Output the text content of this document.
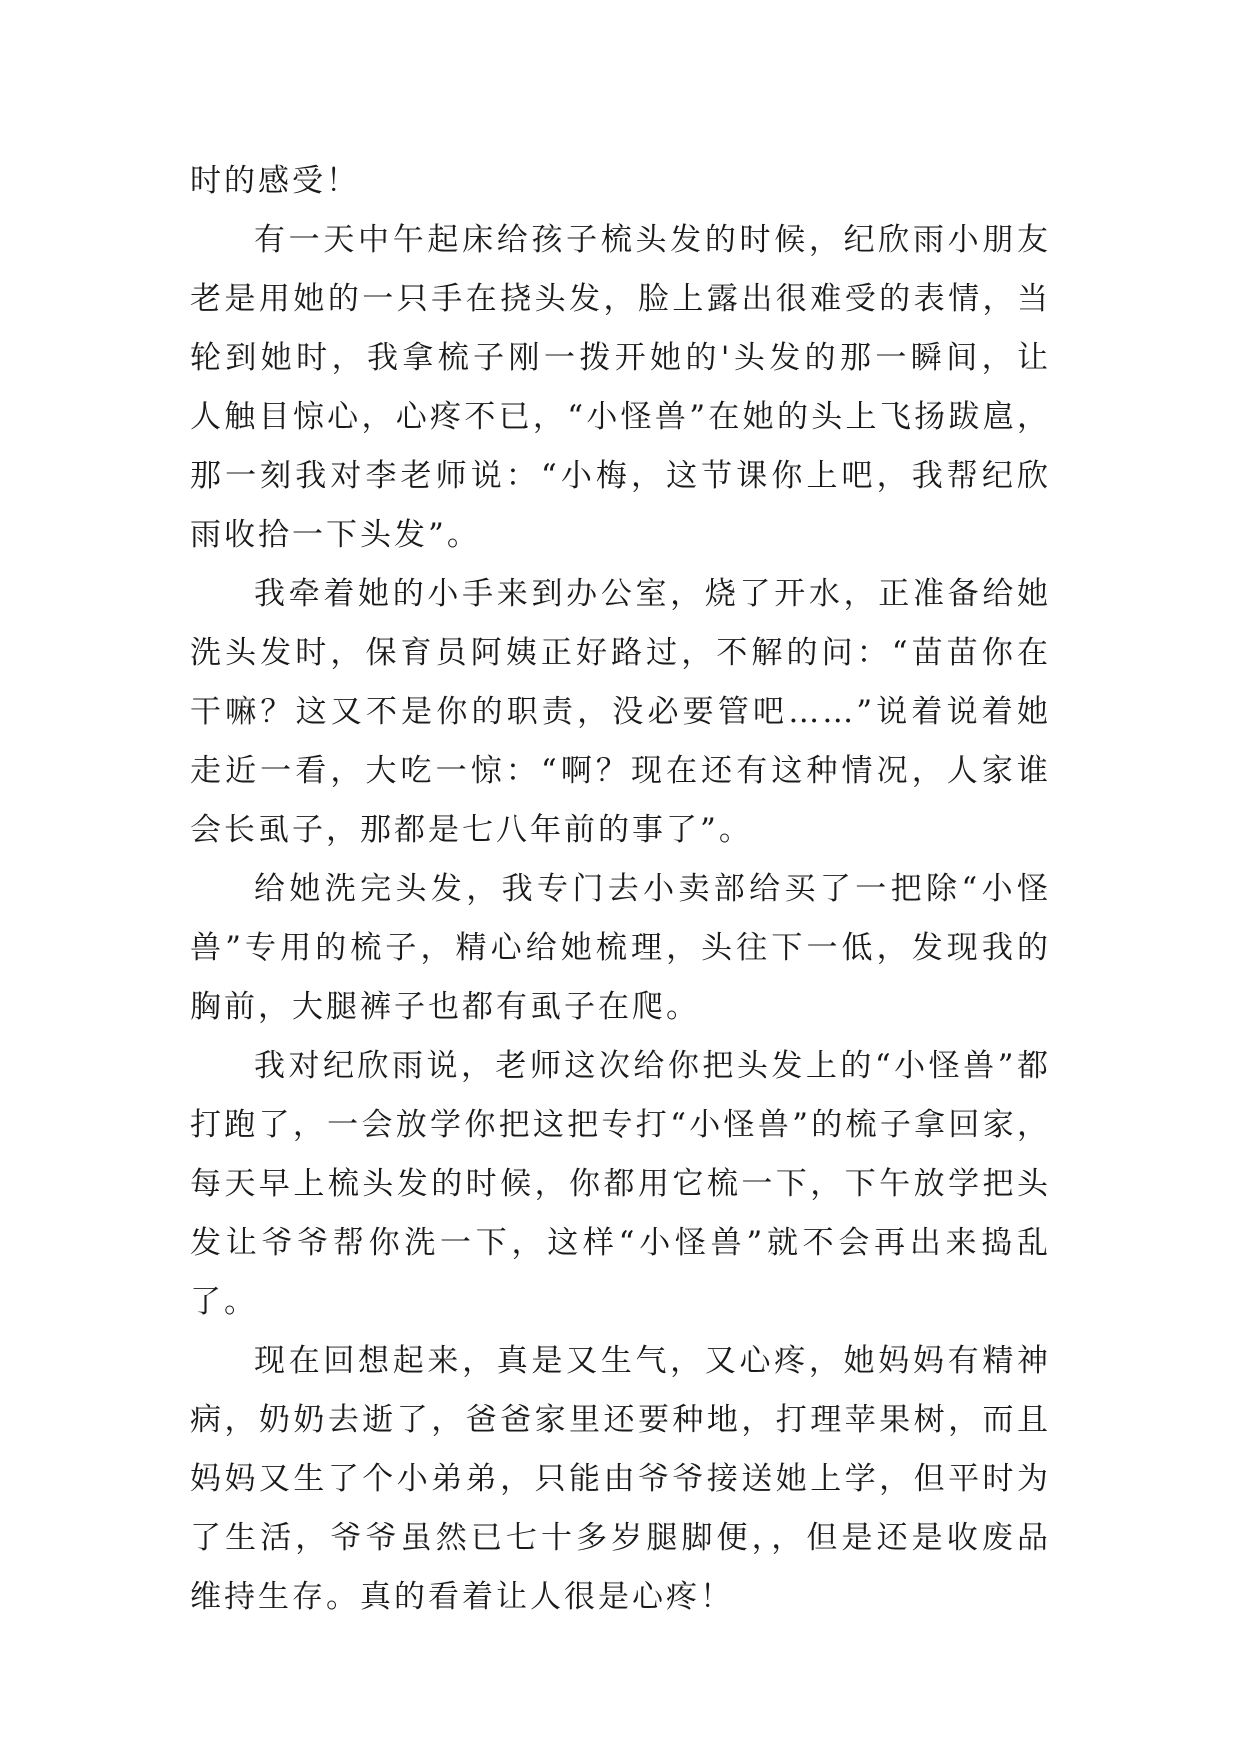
时的感受！

有一天中午起床给孩子梳头发的时候，纪欣雨小朋友老是用她的一只手在挠头发，脸上露出很难受的表情，当轮到她时，我拿梳子刚一拨开她的'头发的那一瞬间，让人触目惊心，心疼不已，“小怪兽”在她的头上飞扬跋扈，那一刻我对李老师说：“小梅，这节课你上吧，我帮纪欣雨收拾一下头发”。

我牵着她的小手来到办公室，烧了开水，正准备给她洗头发时，保育员阿姨正好路过，不解的问：“苗苗你在干嘛？这又不是你的职责，没必要管吧……”说着说着她走近一看，大吃一惊：“啊？现在还有这种情况，人家谁会长虱子，那都是七八年前的事了”。

给她洗完头发，我专门去小卖部给买了一把除“小怪兽”专用的梳子，精心给她梳理，头往下一低，发现我的胸前，大腿裤子也都有虱子在爬。

我对纪欣雨说，老师这次给你把头发上的“小怪兽”都打跑了，一会放学你把这把专打“小怪兽”的梳子拿回家，每天早上梳头发的时候，你都用它梳一下，下午放学把头发让爷爷帮你洗一下，这样“小怪兽”就不会再出来捣乱了。

现在回想起来，真是又生气，又心疼，她妈妈有精神病，奶奶去逝了，爸爸家里还要种地，打理苹果树，而且妈妈又生了个小弟弟，只能由爷爷接送她上学，但平时为了生活，爷爷虽然已七十多岁腿脚便，，但是还是收废品维持生存。真的看着让人很是心疼！
